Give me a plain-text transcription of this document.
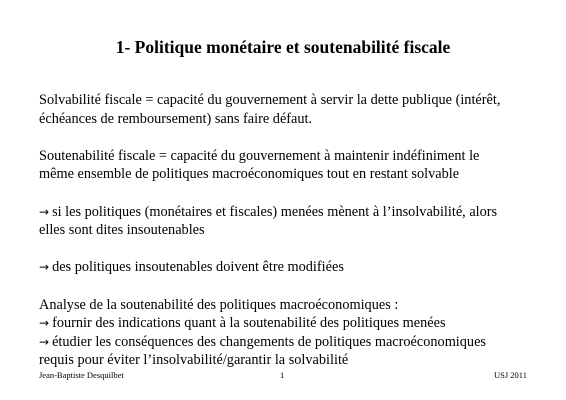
1- Politique monétaire et soutenabilité fiscale

Solvabilité fiscale = capacité du gouvernement à servir la dette publique (intérêt,
échéances de remboursement) sans faire défaut.

Soutenabilité fiscale = capacité du gouvernement à maintenir indéfiniment le
même ensemble de politiques macroéconomiques tout en restant solvable

→ si les politiques (monétaires et fiscales) menées mènent à l’insolvabilité, alors
elles sont dites insoutenables

→ des politiques insoutenables doivent être modifiées

Analyse de la soutenabilité des politiques macroéconomiques :
→ fournir des indications quant à la soutenabilité des politiques menées
→ étudier les conséquences des changements de politiques macroéconomiques
requis pour éviter l’insolvabilité/garantir la solvabilité

Jean-Baptiste Desquilbet	1	USJ 2011
